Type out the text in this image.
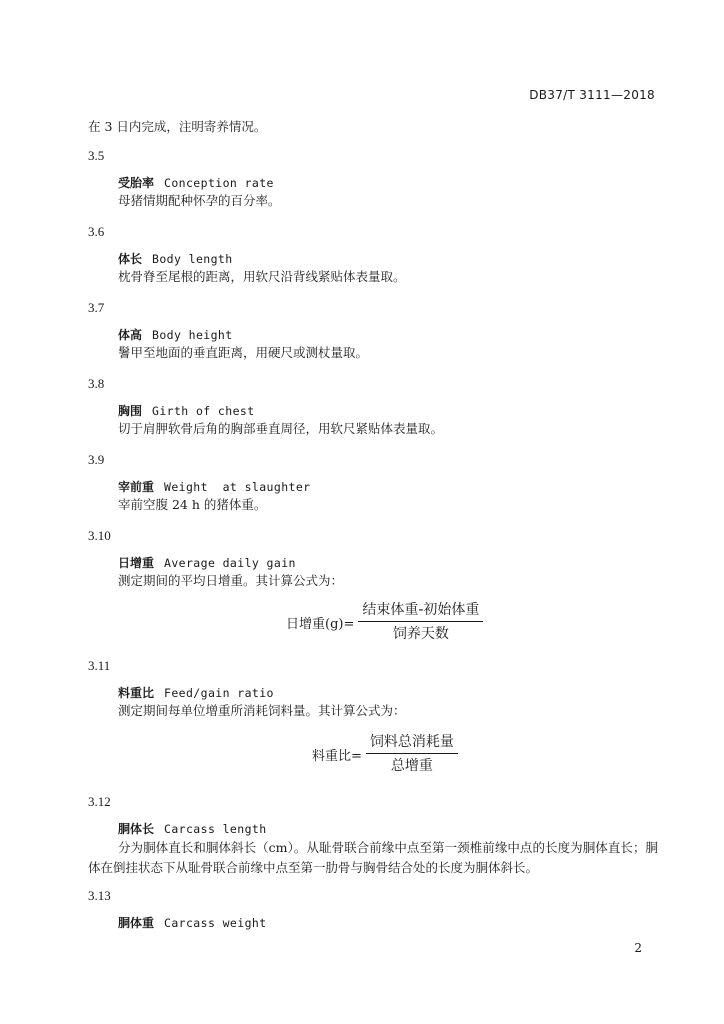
DB37/T 3111—2018
在 3 日内完成，注明寄养情况。
3.5
受胎率 Conception rate
母猪情期配种怀孕的百分率。
3.6
体长 Body length
枕骨脊至尾根的距离，用软尺沿背线紧贴体表量取。
3.7
体高 Body height
鬐甲至地面的垂直距离，用硬尺或测杖量取。
3.8
胸围 Girth of chest
切于肩胛软骨后角的胸部垂直周径，用软尺紧贴体表量取。
3.9
宰前重 Weight  at slaughter
宰前空腹 24 h 的猪体重。
3.10
日增重 Average daily gain
测定期间的平均日增重。其计算公式为：
日增重$(g)= \frac{\text{结束体重-初始体重}}{\text{饲养天数}}$
3.11
料重比 Feed/gain ratio
测定期间每单位增重所消耗饲料量。其计算公式为：
料重比= $\frac{\text{饲料总消耗量}}{\text{总增重}}$
3.12
胴体长 Carcass length
分为胴体直长和胴体斜长（cm）。从耻骨联合前缘中点至第一颈椎前缘中点的长度为胴体直长；胴体在倒挂状态下从耻骨联合前缘中点至第一肋骨与胸骨结合处的长度为胴体斜长。
3.13
胴体重 Carcass weight
2
